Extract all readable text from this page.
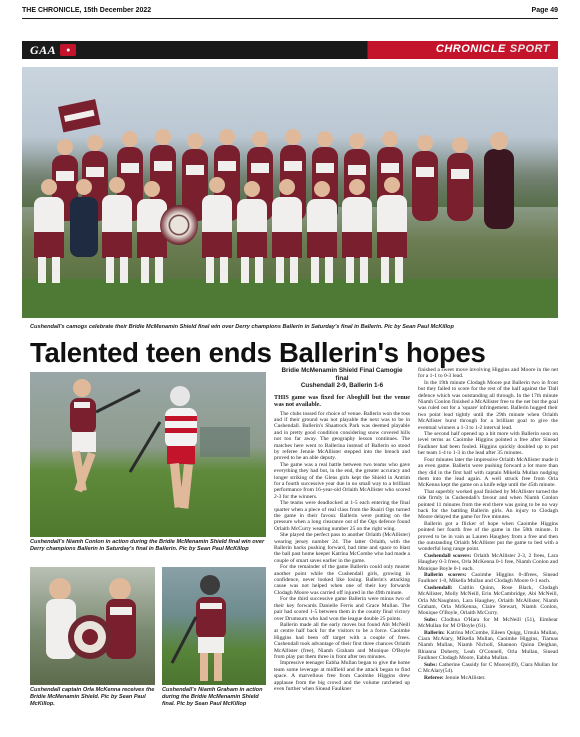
THE CHRONICLE, 15th December 2022	Page 49
GAA	●	CHRONICLE SPORT
Cushendall's camogs celebrate their Bridie McMenamin Shield final win over Derry champions Ballerin in Saturday's final in Ballerin. Pic by Sean Paul McKillop
Talented teen ends Ballerin's hopes
Cushendall's Niamh Conlon in action during the Bridie McMenamin Shield final win over Derry champions Ballerin in Saturday's final in Ballerin. Pic by Sean Paul McKillop
Cushendall captain Orla McKenna receives the Bridie McMenamin Shield. Pic by Sean Paul McKillop.
Cushendall's Niamh Graham in action during the Bridie McMenamin Shield final. Pic by Sean Paul McKillop
Bridie McMenamin Shield Final Camogie
final
Cushendall 2-9, Ballerin 1-6
THIS game was fixed for Aboghill but the venue was not available.

The clubs tossed for choice of venue. Ballerin won the toss and if their ground was not playable the next was to be in Cushendall. Ballerin's Shaatrock Park was deemed playable and in pretty good condition considering snow covered hills not too far away. The geography lesson continues. The matches here went to Ballerina instead of Ballerin so stood by referee Jennie McAllister stepped into the breach and proved to be an able deputy.

The game was a real battle between two teams who gave everything they had but, in the end, the greater accuracy and longer striking of the Glens girls kept the Shield in Antrim for a fourth successive year due in no small way to a brilliant performance from 16-year-old Orlaith McAllister who scored 2-3 for the winners.

The teams were deadlocked at 1-5 each entering the final quarter when a piece of real class from the Ruairi Ogs turned the game in their favour. Ballerin were putting on the pressure when a long clearance out of the Ogs defence found Orlaith McCurry wearing number 25 on the right wing.

She played the perfect pass to another Orlaith (McAllister) wearing jersey number 24. The latter Orlaith, with the Ballerin backs pushing forward, had time and space to blast the ball past home keeper Katrina McCombe who had made a couple of smart saves earlier in the game.

For the remainder of the game Ballerin could only muster another point while the Cushendall girls, growing in confidence, never looked like losing. Ballerin's attacking cause was not helped when one of their key forwards Clodagh Moore was carried off injured in the 49th minute.

For the third successive game Ballerin were minus two of their key forwards Danielle Ferris and Grace Mullan. The pair had scored 1-5 between them in the county final victory over Drumsurn who had won the league double 25 points.

Ballerin made all the early moves but found Abi McNeill at centre half back for the visitors to be a force. Caoimhe Higgins had been off target with a couple of frees. Cushendall took advantage of their first three chances Orlaith McAllister (free), Niamh Graham and Monique O'Boyle from play put them three in front after ten minutes.

Impressive teenager Eabha Mullan began to give the home team some leverage at midfield and the attack began to find space. A marvellous free from Caoimhe Higgins drew applause from the big crowd and the volume ratcheted up even further when Sinead Faulkner

finished a sweet move involving Higgins and Moore in the net for a 1-1 to 0-3 lead.

In the 19th minute Clodagh Moore put Ballerin two in front but they failed to score for the rest of the half against the 'Dall defence which was outstanding all through. In the 17th minute Niamh Conlon finished a McAllister free to the net but the goal was ruled out for a 'square' infringement. Ballerin hugged their two point lead tightly until the 29th minute when Orlaith McAllister burst through for a brilliant goal to give the eventual winners a 1-3 to 1-2 interval lead.

The second half opened up a bit more with Ballerin soon on level terms as Caoimhe Higgins pointed a free after Sinead Faulkner had been fouled. Higgins quickly doubled up to put her team 1-4 to 1-3 in the lead after 35 minutes.

Four minutes later the impressive Orlaith McAllister made it an even game. Ballerin were pushing forward a lot more than they did in the first half with captain Mikella Mullan nudging them into the lead again. A well struck free from Orla McKenna kept the game on a knife edge until the 45th minute.

That superbly worked goal finished by McAllister turned the tide firmly in Cushendall's favour and when Niamh Conlon pointed 11 minutes from the end there was going to be no way back for the battling Ballerin girls. An injury to Clodagh Moore delayed the game for five minutes.

Ballerin got a flicker of hope when Caoimhe Higgins pointed her fourth free of the game in the 58th minute. It proved to be in vain as Lauren Haughey from a free and then the outstanding Orlaith McAllister put the game to bed with a wonderful long range point.

Cushendall scorers: Orlaith McAllister 2-3, 2 frees, Lara Haughey 0-3 frees, Orla McKenna 0-1 free, Niamh Conlon and Monique Boyle 0-1 each.

Ballerin scorers: Caoimhe Higgins 0-4frees, Sinead Faulkner 1-0, Mikella Mullan and Clodagh Moore 0-1 each.

Cushendall: Caitlin Quinn, Rose Black, Clodagh McAllister, Molly McNeill, Erin McCambridge, Abi McNeill, Orla McNaughton, Lara Haughey, Orlaith McAllister, Niamh Graham, Orla McKenna, Claire Stewart, Niamh Conlon, Monique O'Boyle, Orlaith McCurry.

Subs: Clodhna O'Hara for M McNeill (51), Eimhear McMullan for M O'Boyle (61).

Ballerin: Katrina McCombe, Eileen Quigg, Urnula Mullan, Ciara McAlary, Mikella Mullan, Caoimhe Higgins, Tiarnas Niamh Mullan, Niamh Nicholl, Shannon Quinn Deighan, Rhianna Doherty, Leah O'Connell, Orla Mullan, Sinead Faulkner Clodagh Moore, Eabha Mullan.

Subs: Catherine Cassidy for C Moore(49), Ciara Mullan for C McAlary(54).

Referee: Jennie McAllister.
